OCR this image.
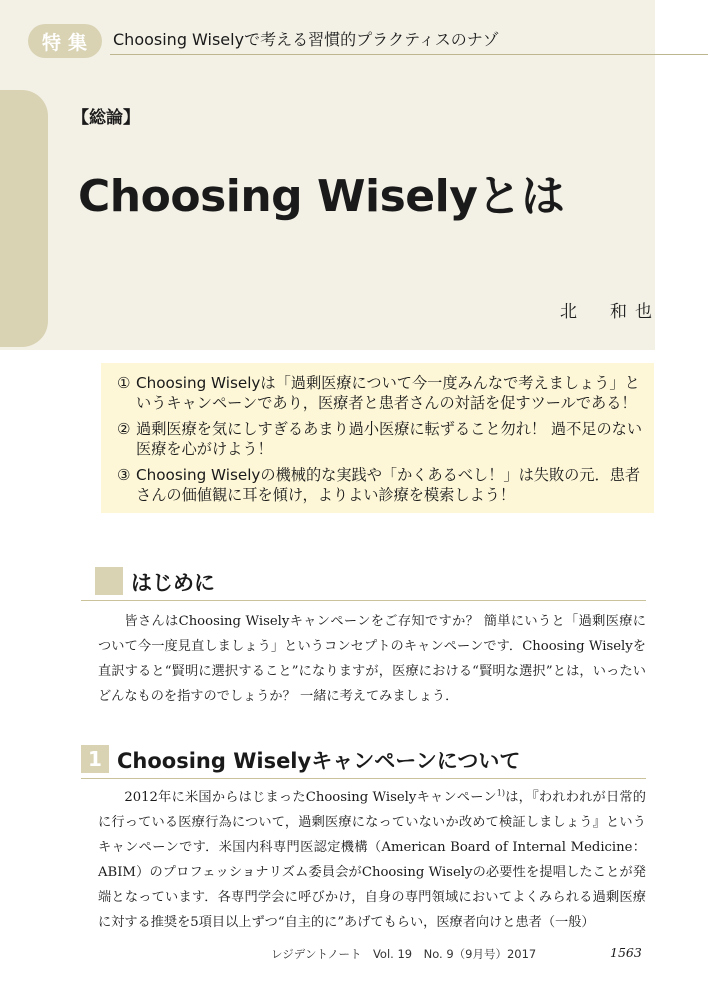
特 集 Choosing Wiselyで考える習慣的プラクティスのナゾ
【総論】
Choosing Wiselyとは
北　和也
① Choosing Wiselyは「過剰医療について今一度みんなで考えましょう」というキャンペーンであり，医療者と患者さんの対話を促すツールである！
② 過剰医療を気にしすぎるあまり過小医療に転ずること勿れ！ 過不足のない医療を心がけよう！
③ Choosing Wiselyの機械的な実践や「かくあるべし！」は失敗の元．患者さんの価値観に耳を傾け，よりよい診療を模索しよう！
はじめに

皆さんはChoosing Wiselyキャンペーンをご存知ですか？ 簡単にいうと「過剰医療について今一度見直しましょう」というコンセプトのキャンペーンです．Choosing Wiselyを直訳すると“賢明に選択すること”になりますが，医療における“賢明な選択”とは，いったいどんなものを指すのでしょうか？ 一緒に考えてみましょう．

1 Choosing Wiselyキャンペーンについて

2012年に米国からはじまったChoosing Wiselyキャンペーン$^{1)}$は，『われわれが日常的に行っている医療行為について，過剰医療になっていないか改めて検証しましょう』というキャンペーンです．米国内科専門医認定機構（American Board of Internal Medicine：ABIM）のプロフェッショナリズム委員会がChoosing Wiselyの必要性を提唱したことが発端となっています．各専門学会に呼びかけ，自身の専門領域においてよくみられる過剰医療に対する推奨を5項目以上ずつ“自主的に”あげてもらい，医療者向けと患者（一般）

レジデントノート　Vol. 19　No. 9（9月号）2017	1563
